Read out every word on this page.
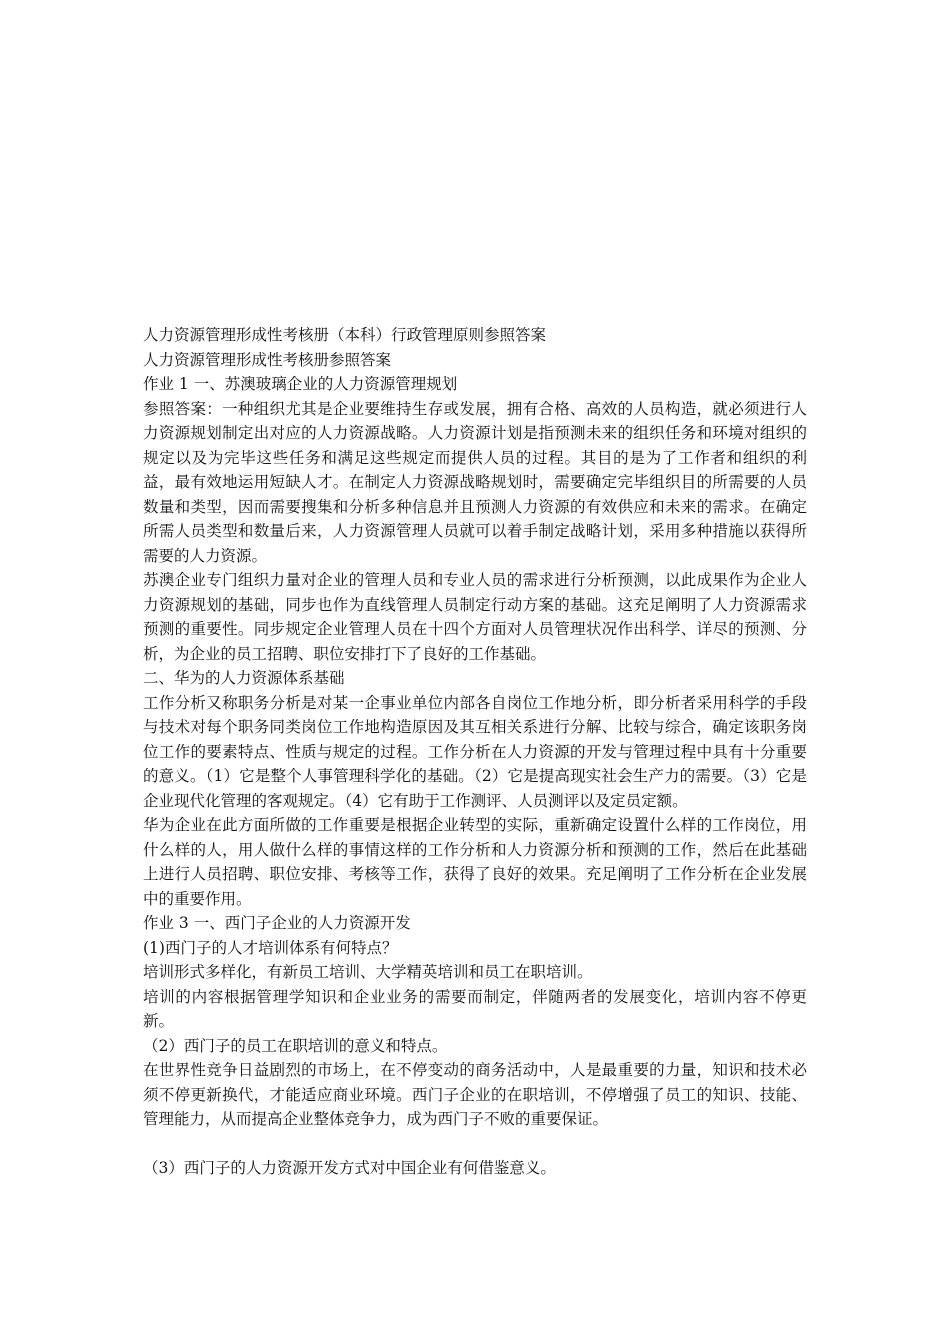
人力资源管理形成性考核册（本科）行政管理原则参照答案

人力资源管理形成性考核册参照答案

作业 1 一、苏澳玻璃企业的人力资源管理规划

参照答案：一种组织尤其是企业要维持生存或发展，拥有合格、高效的人员构造，就必须进行人力资源规划制定出对应的人力资源战略。人力资源计划是指预测未来的组织任务和环境对组织的规定以及为完毕这些任务和满足这些规定而提供人员的过程。其目的是为了工作者和组织的利益，最有效地运用短缺人才。在制定人力资源战略规划时，需要确定完毕组织目的所需要的人员数量和类型，因而需要搜集和分析多种信息并且预测人力资源的有效供应和未来的需求。在确定所需人员类型和数量后来，人力资源管理人员就可以着手制定战略计划，采用多种措施以获得所需要的人力资源。

苏澳企业专门组织力量对企业的管理人员和专业人员的需求进行分析预测，以此成果作为企业人力资源规划的基础，同步也作为直线管理人员制定行动方案的基础。这充足阐明了人力资源需求预测的重要性。同步规定企业管理人员在十四个方面对人员管理状况作出科学、详尽的预测、分析，为企业的员工招聘、职位安排打下了良好的工作基础。

二、华为的人力资源体系基础

工作分析又称职务分析是对某一企事业单位内部各自岗位工作地分析，即分析者采用科学的手段与技术对每个职务同类岗位工作地构造原因及其互相关系进行分解、比较与综合，确定该职务岗位工作的要素特点、性质与规定的过程。工作分析在人力资源的开发与管理过程中具有十分重要的意义。（1）它是整个人事管理科学化的基础。（2）它是提高现实社会生产力的需要。（3）它是企业现代化管理的客观规定。（4）它有助于工作测评、人员测评以及定员定额。

华为企业在此方面所做的工作重要是根据企业转型的实际，重新确定设置什么样的工作岗位，用什么样的人，用人做什么样的事情这样的工作分析和人力资源分析和预测的工作，然后在此基础上进行人员招聘、职位安排、考核等工作，获得了良好的效果。充足阐明了工作分析在企业发展中的重要作用。

作业 3 一、西门子企业的人力资源开发

(1)西门子的人才培训体系有何特点？

培训形式多样化，有新员工培训、大学精英培训和员工在职培训。

培训的内容根据管理学知识和企业业务的需要而制定，伴随两者的发展变化，培训内容不停更新。

（2）西门子的员工在职培训的意义和特点。

在世界性竞争日益剧烈的市场上，在不停变动的商务活动中，人是最重要的力量，知识和技术必须不停更新换代，才能适应商业环境。西门子企业的在职培训，不停增强了员工的知识、技能、管理能力，从而提高企业整体竞争力，成为西门子不败的重要保证。

（3）西门子的人力资源开发方式对中国企业有何借鉴意义。
